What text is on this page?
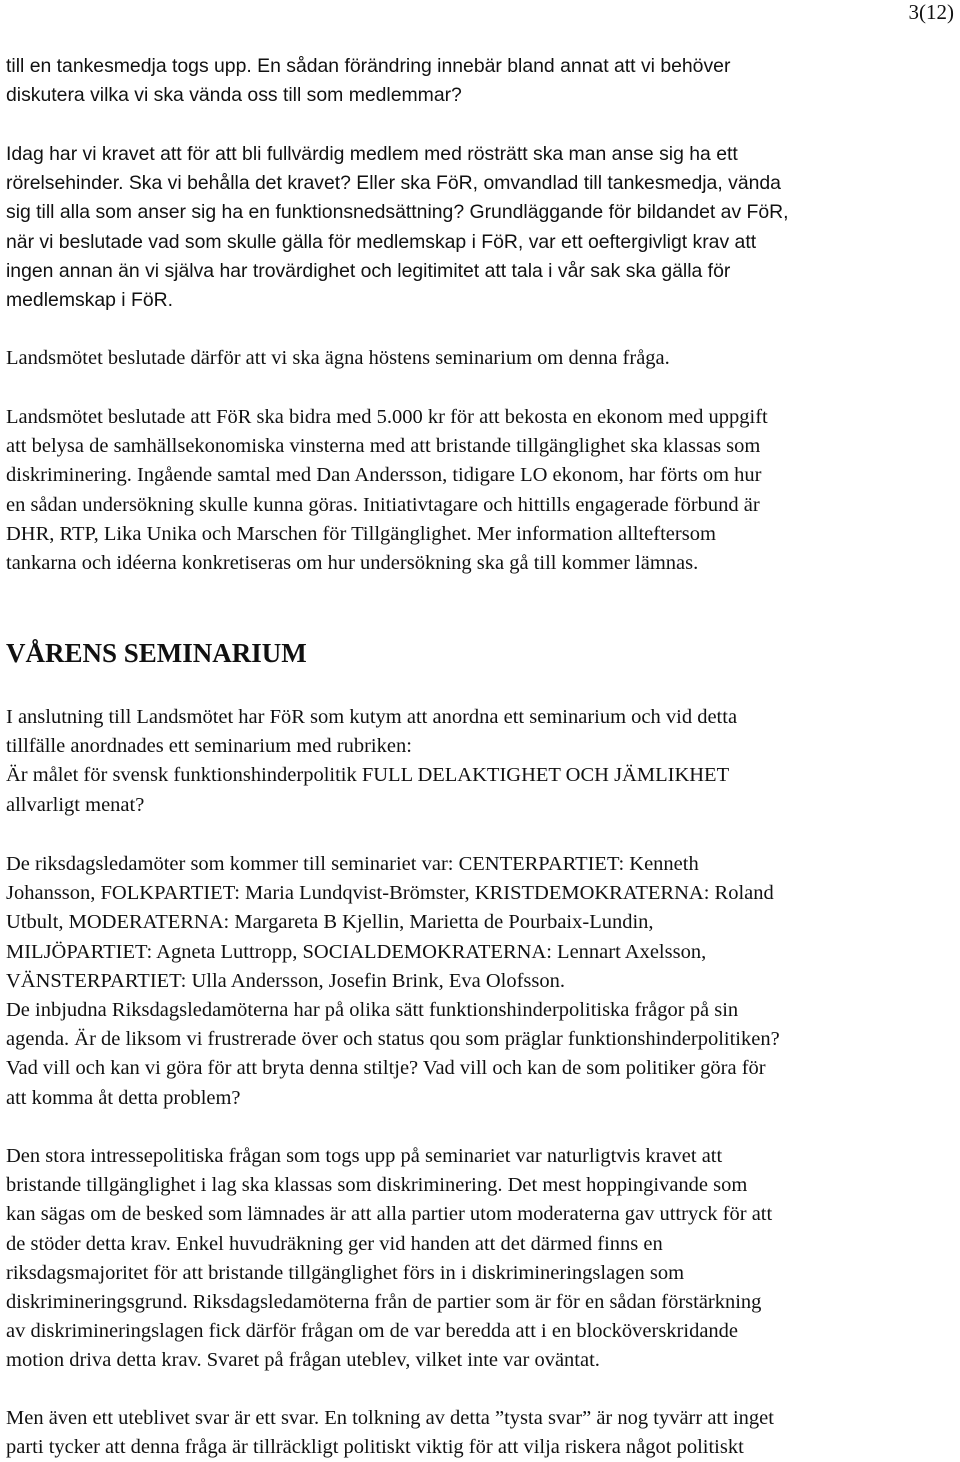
3(12)

till en tankesmedja togs upp. En sådan förändring innebär bland annat att vi behöver
diskutera vilka vi ska vända oss till som medlemmar?

Idag har vi kravet att för att bli fullvärdig medlem med rösträtt ska man anse sig ha ett
rörelsehinder. Ska vi behålla det kravet? Eller ska FöR, omvandlad till tankesmedja, vända
sig till alla som anser sig ha en funktionsnedsättning? Grundläggande för bildandet av FöR,
när vi beslutade vad som skulle gälla för medlemskap i FöR, var ett oeftergivligt krav att
ingen annan än vi själva har trovärdighet och legitimitet att tala i vår sak ska gälla för
medlemskap i FöR.

Landsmötet beslutade därför att vi ska ägna höstens seminarium om denna fråga.

Landsmötet beslutade att FöR ska bidra med 5.000 kr för att bekosta en ekonom med uppgift
att belysa de samhällsekonomiska vinsterna med att bristande tillgänglighet ska klassas som
diskriminering. Ingående samtal med Dan Andersson, tidigare LO ekonom, har förts om hur
en sådan undersökning skulle kunna göras. Initiativtagare och hittills engagerade förbund är
DHR, RTP, Lika Unika och Marschen för Tillgänglighet. Mer information allteftersom
tankarna och idéerna konkretiseras om hur undersökning ska gå till kommer lämnas.

VÅRENS SEMINARIUM

I anslutning till Landsmötet har FöR som kutym att anordna ett seminarium och vid detta
tillfälle anordnades ett seminarium med rubriken:
Är målet för svensk funktionshinderpolitik FULL DELAKTIGHET OCH JÄMLIKHET
allvarligt menat?

De riksdagsledamöter som kommer till seminariet var: CENTERPARTIET: Kenneth
Johansson, FOLKPARTIET: Maria Lundqvist-Brömster, KRISTDEMOKRATERNA: Roland
Utbult, MODERATERNA: Margareta B Kjellin, Marietta de Pourbaix-Lundin,
MILJÖPARTIET: Agneta Luttropp, SOCIALDEMOKRATERNA: Lennart Axelsson,
VÄNSTERPARTIET: Ulla Andersson, Josefin Brink, Eva Olofsson.
De inbjudna Riksdagsledamöterna har på olika sätt funktionshinderpolitiska frågor på sin
agenda. Är de liksom vi frustrerade över och status qou som präglar funktionshinderpolitiken?
Vad vill och kan vi göra för att bryta denna stiltje? Vad vill och kan de som politiker göra för
att komma åt detta problem?

Den stora intressepolitiska frågan som togs upp på seminariet var naturligtvis kravet att
bristande tillgänglighet i lag ska klassas som diskriminering. Det mest hoppingivande som
kan sägas om de besked som lämnades är att alla partier utom moderaterna gav uttryck för att
de stöder detta krav. Enkel huvudräkning ger vid handen att det därmed finns en
riksdagsmajoritet för att bristande tillgänglighet förs in i diskrimineringslagen som
diskrimineringsgrund. Riksdagsledamöterna från de partier som är för en sådan förstärkning
av diskrimineringslagen fick därför frågan om de var beredda att i en blocköverskridande
motion driva detta krav. Svaret på frågan uteblev, vilket inte var oväntat.

Men även ett uteblivet svar är ett svar. En tolkning av detta ”tysta svar” är nog tyvärr att inget
parti tycker att denna fråga är tillräckligt politiskt viktig för att vilja riskera något politiskt
